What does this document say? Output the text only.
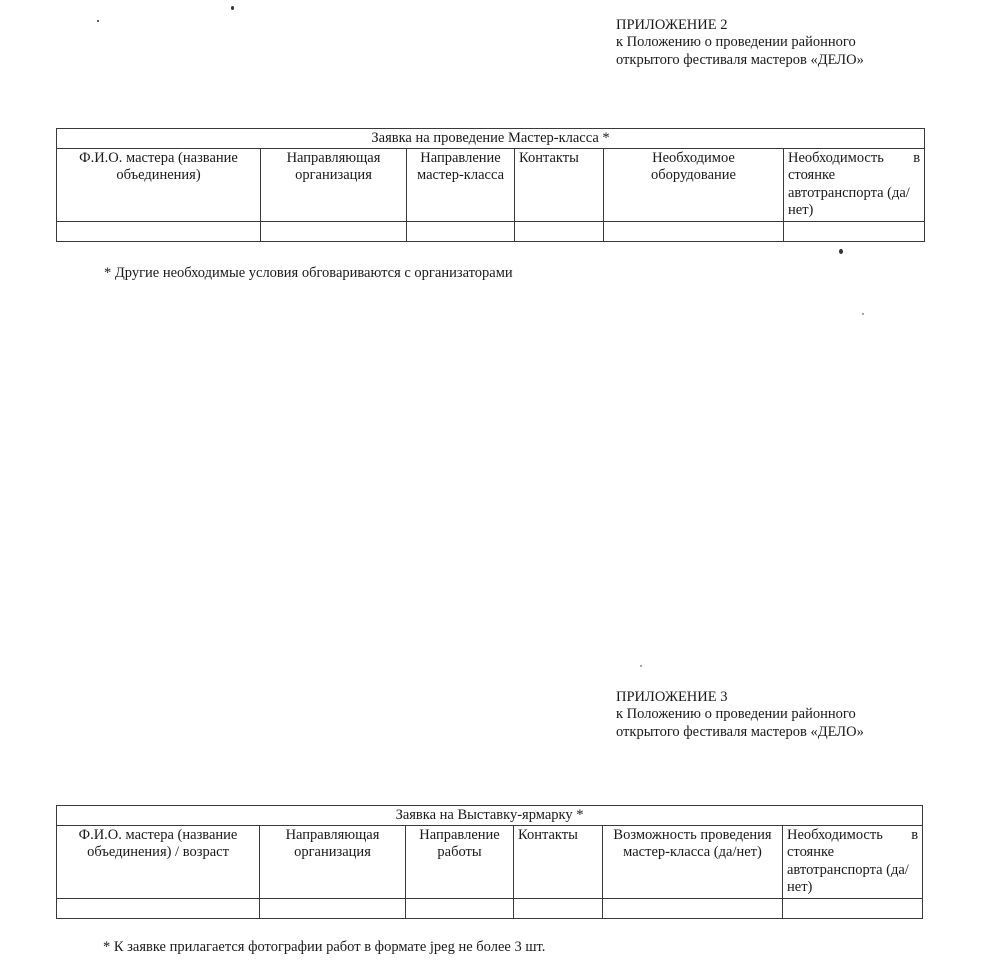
ПРИЛОЖЕНИЕ 2
к Положению о проведении районного
открытого фестиваля мастеров «ДЕЛО»
Заявка на проведение Мастер-класса *					
Ф.И.О. мастера (название объединения)	Направляющая организация	Направление мастер-класса	Контакты	Необходимое оборудование	Необходимость в
стоянке автотранспорта (да/нет)

* Другие необходимые условия обговариваются с организаторами
ПРИЛОЖЕНИЕ 3
к Положению о проведении районного
открытого фестиваля мастеров «ДЕЛО»
Заявка на Выставку-ярмарку *					
Ф.И.О. мастера (название объединения) / возраст	Направляющая организация	Направление работы	Контакты	Возможность проведения мастер-класса (да/нет)	Необходимость в
стоянке автотранспорта (да/нет)

* К заявке прилагается фотографии работ в формате jpeg не более 3 шт.
